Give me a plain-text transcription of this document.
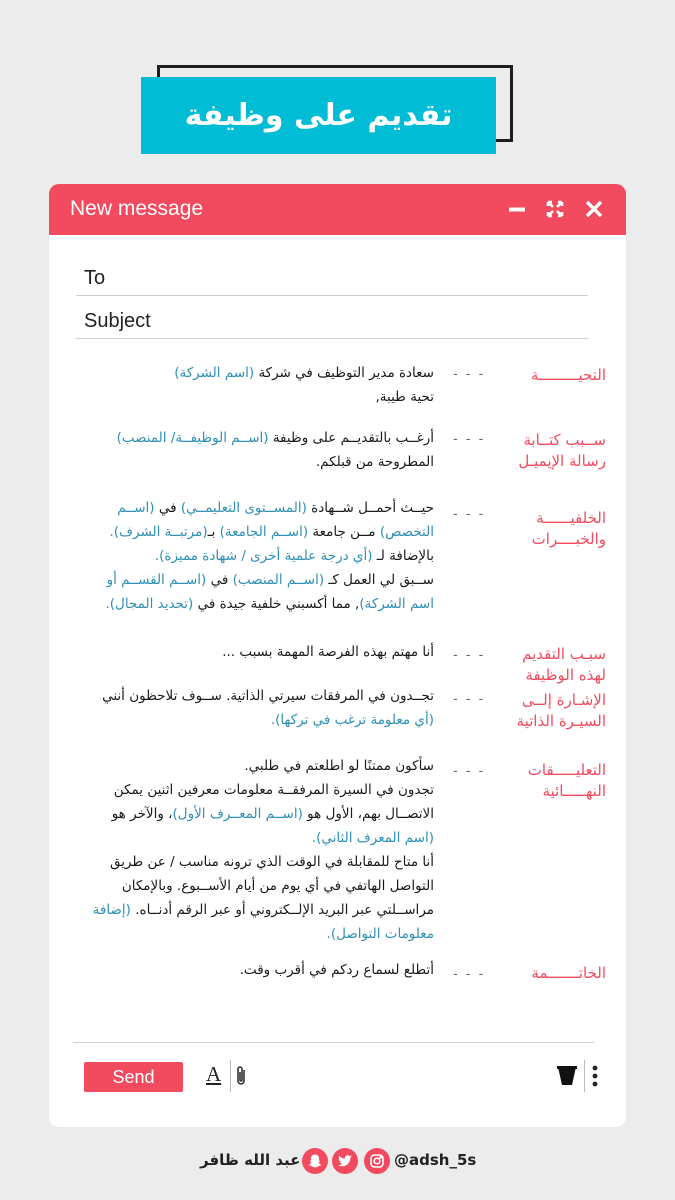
تقديم على وظيفة
New message
To
Subject
التحيـــــــــة
- - -
سعادة مدير التوظيف في شركة (اسم الشركة)
تحية طيبة,
ســبب كتــابة رسالة الإيميـل
- - -
أرغــب بالتقديــم على وظيفة (اســم الوظيفــة/ المنصب)
المطروحة من قبلكم.
الخلفيــــــة والخبــــرات
- - -
حيــث أحمــل شــهادة (المســتوى التعليمــي) في (اســم
التخصص) مــن جامعة (اســم الجامعة) بـ(مرتبــة الشرف).
بالإضافة لـ (أي درجة علمية أخرى / شهادة مميزة).
ســبق لي العمل كـ (اســم المنصب) في (اســم القســم أو
اسم الشركة), مما أكسبني خلفية جيدة في (تحديد المجال).
سبـب التقديم لهذه الوظيفة
- - -
أنا مهتم بهذه الفرصة المهمة بسبب ...
الإشـارة إلــى السيـرة الذاتية
- - -
تجــدون في المرفقات سيرتي الذاتية. ســوف تلاحظون أنني
(أي معلومة ترغب في تركها).
التعليـــــقات النهـــــائية
- - -
سأكون ممتنًا لو اطلعتم في طلبي.
تجدون في السيرة المرفقــة معلومات معرفين اثنين يمكن
الاتصــال بهم، الأول هو (اســم المعــرف الأول)، والآخر هو
(اسم المعرف الثاني).
أنا متاح للمقابلة في الوقت الذي ترونه مناسب / عن طريق
التواصل الهاتفي في أي يوم من أيام الأســبوع. وبالإمكان
مراســلتي عبر البريد الإلــكتروني أو عبر الرقم أدنــاه. (إضافة
معلومات التواصل).
الخاتـــــــمة
- - -
أتطلع لسماع ردكم في أقرب وقت.
Send	A
عبد الله ظافر	@adsh_5s
